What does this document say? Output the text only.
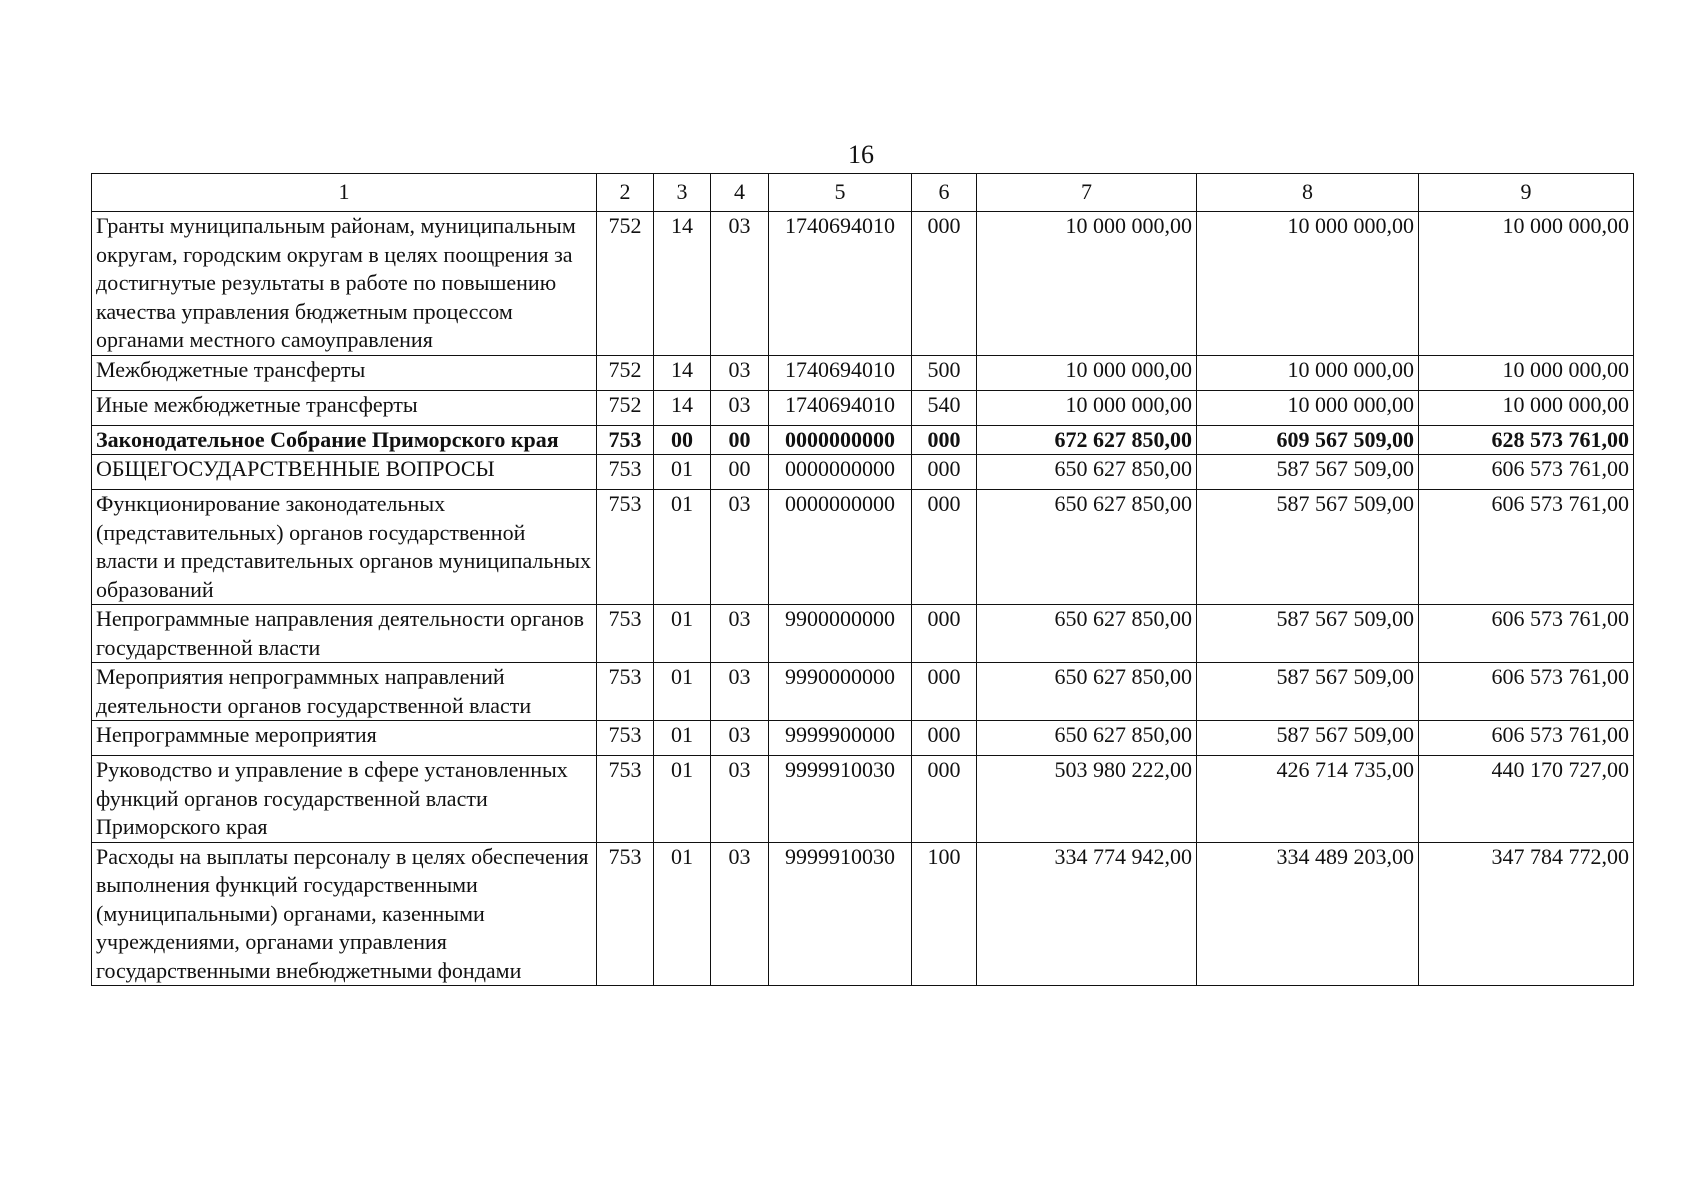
16
1	2	3	4	5	6	7	8	9
Гранты муниципальным районам, муниципальным округам, городским округам в целях поощрения за достигнутые результаты в работе по повышению качества управления бюджетным процессом органами местного самоуправления	752	14	03	1740694010	000	10 000 000,00	10 000 000,00	10 000 000,00
Межбюджетные трансферты	752	14	03	1740694010	500	10 000 000,00	10 000 000,00	10 000 000,00
Иные межбюджетные трансферты	752	14	03	1740694010	540	10 000 000,00	10 000 000,00	10 000 000,00
Законодательное Собрание Приморского края	753	00	00	0000000000	000	672 627 850,00	609 567 509,00	628 573 761,00
ОБЩЕГОСУДАРСТВЕННЫЕ ВОПРОСЫ	753	01	00	0000000000	000	650 627 850,00	587 567 509,00	606 573 761,00
Функционирование законодательных (представительных) органов государственной власти и представительных органов муниципальных образований	753	01	03	0000000000	000	650 627 850,00	587 567 509,00	606 573 761,00
Непрограммные направления деятельности органов государственной власти	753	01	03	9900000000	000	650 627 850,00	587 567 509,00	606 573 761,00
Мероприятия непрограммных направлений деятельности органов государственной власти	753	01	03	9990000000	000	650 627 850,00	587 567 509,00	606 573 761,00
Непрограммные мероприятия	753	01	03	9999900000	000	650 627 850,00	587 567 509,00	606 573 761,00
Руководство и управление в сфере установленных функций органов государственной власти Приморского края	753	01	03	9999910030	000	503 980 222,00	426 714 735,00	440 170 727,00
Расходы на выплаты персоналу в целях обеспечения выполнения функций государственными (муниципальными) органами, казенными учреждениями, органами управления государственными внебюджетными фондами	753	01	03	9999910030	100	334 774 942,00	334 489 203,00	347 784 772,00
